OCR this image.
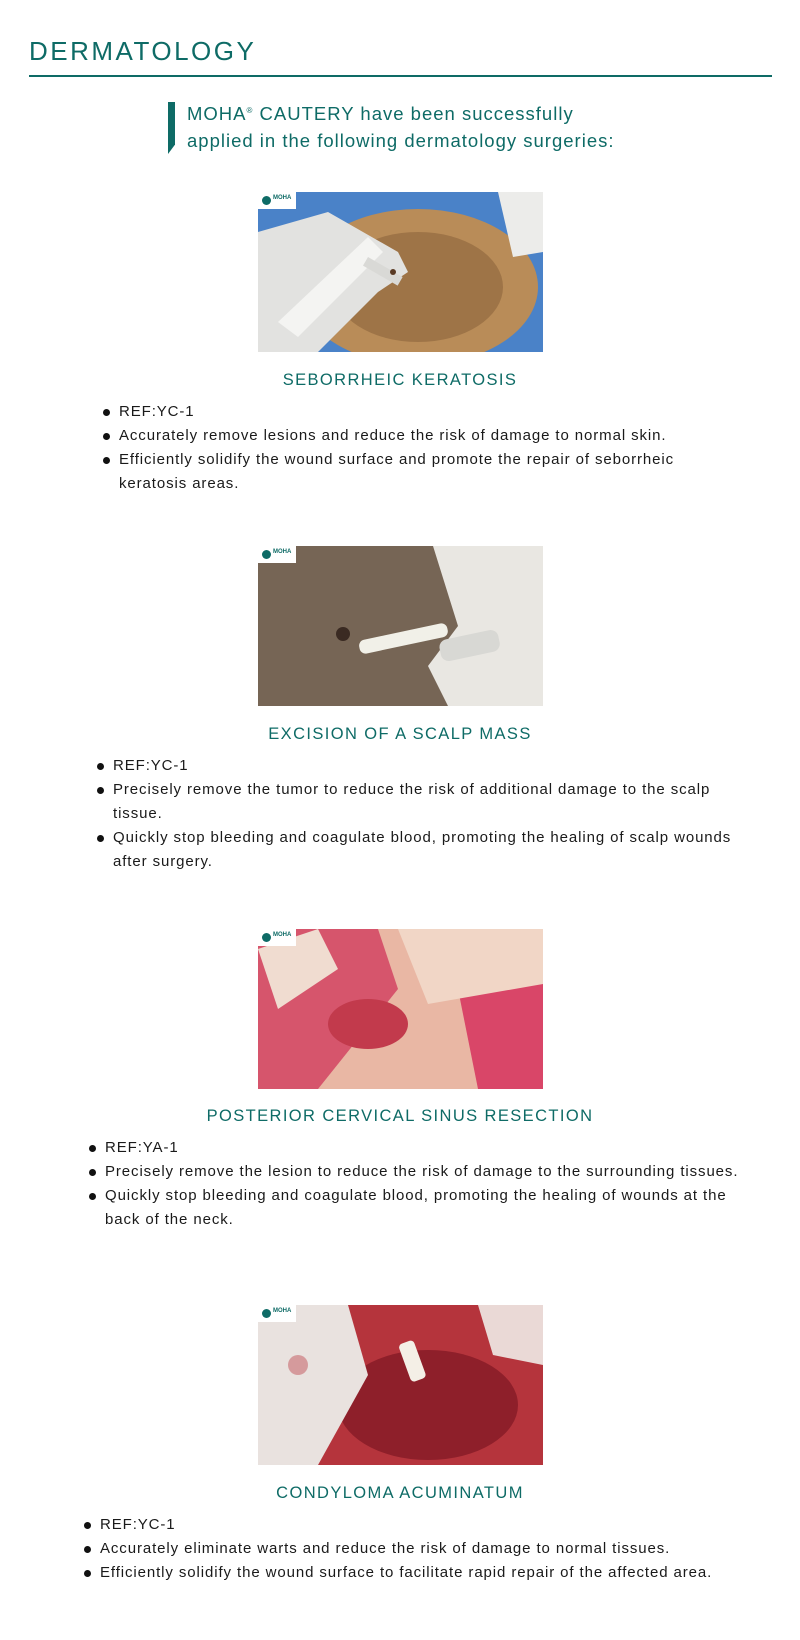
DERMATOLOGY

MOHA® CAUTERY have been successfully
applied in the following dermatology surgeries:

MOHA
SEBORRHEIC KERATOSIS
REF:YC-1
Accurately remove lesions and reduce the risk of damage to normal skin.
Efficiently solidify the wound surface and promote the repair of seborrheic keratosis areas.
MOHA
EXCISION OF A SCALP MASS
REF:YC-1
Precisely remove the tumor to reduce the risk of additional damage to the scalp tissue.
Quickly stop bleeding and coagulate blood, promoting the healing of scalp wounds after surgery.
MOHA
POSTERIOR CERVICAL SINUS RESECTION
REF:YA-1
Precisely remove the lesion to reduce the risk of damage to the surrounding tissues.
Quickly stop bleeding and coagulate blood, promoting the healing of wounds at the back of the neck.
MOHA
CONDYLOMA ACUMINATUM
REF:YC-1
Accurately eliminate warts and reduce the risk of damage to normal tissues.
Efficiently solidify the wound surface to facilitate rapid repair of the affected area.
